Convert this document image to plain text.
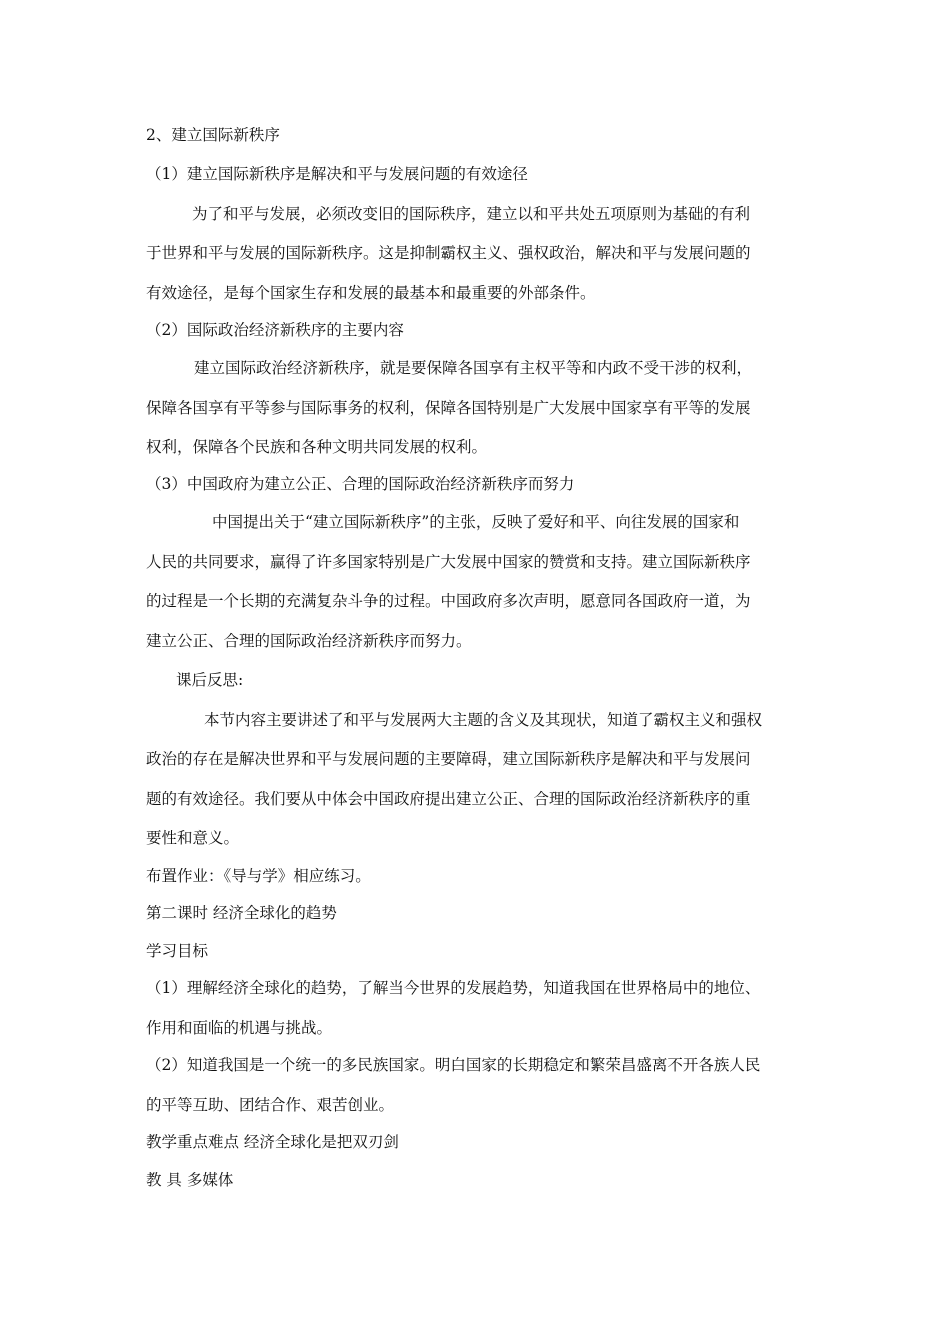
2、建立国际新秩序
（1）建立国际新秩序是解决和平与发展问题的有效途径
为了和平与发展，必须改变旧的国际秩序，建立以和平共处五项原则为基础的有利
于世界和平与发展的国际新秩序。这是抑制霸权主义、强权政治，解决和平与发展问题的
有效途径，是每个国家生存和发展的最基本和最重要的外部条件。
（2）国际政治经济新秩序的主要内容
建立国际政治经济新秩序，就是要保障各国享有主权平等和内政不受干涉的权利，
保障各国享有平等参与国际事务的权利，保障各国特别是广大发展中国家享有平等的发展
权利，保障各个民族和各种文明共同发展的权利。
（3）中国政府为建立公正、合理的国际政治经济新秩序而努力
中国提出关于“建立国际新秩序”的主张，反映了爱好和平、向往发展的国家和
人民的共同要求，赢得了许多国家特别是广大发展中国家的赞赏和支持。建立国际新秩序
的过程是一个长期的充满复杂斗争的过程。中国政府多次声明，愿意同各国政府一道，为
建立公正、合理的国际政治经济新秩序而努力。
课后反思:
本节内容主要讲述了和平与发展两大主题的含义及其现状，知道了霸权主义和强权
政治的存在是解决世界和平与发展问题的主要障碍，建立国际新秩序是解决和平与发展问
题的有效途径。我们要从中体会中国政府提出建立公正、合理的国际政治经济新秩序的重
要性和意义。
布置作业：《导与学》相应练习。
第二课时 经济全球化的趋势
学习目标
（1）理解经济全球化的趋势，了解当今世界的发展趋势，知道我国在世界格局中的地位、
作用和面临的机遇与挑战。
（2）知道我国是一个统一的多民族国家。明白国家的长期稳定和繁荣昌盛离不开各族人民
的平等互助、团结合作、艰苦创业。
教学重点难点 经济全球化是把双刃剑
教 具 多媒体
